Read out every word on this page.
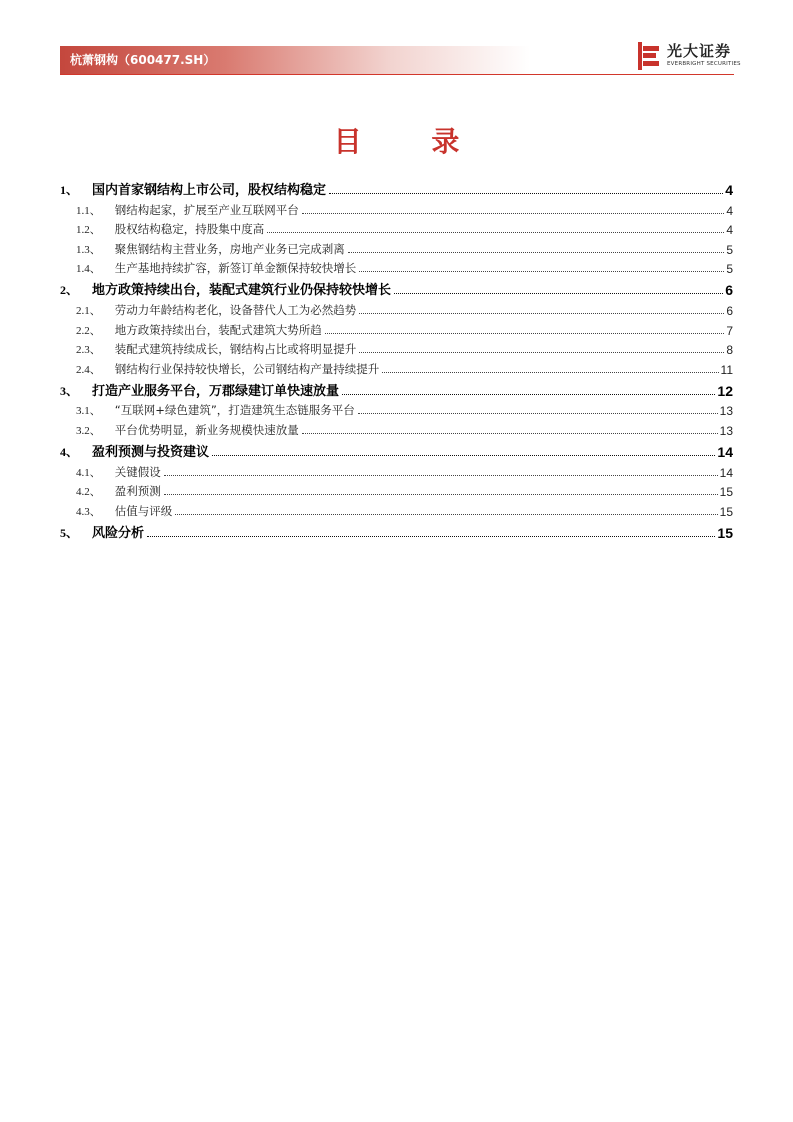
杭萧钢构（600477.SH）	光大证券
EVERBRIGHT SECURITIES
目 录
1、 国内首家钢结构上市公司，股权结构稳定	4
1.1、 钢结构起家，扩展至产业互联网平台	4
1.2、 股权结构稳定，持股集中度高	4
1.3、 聚焦钢结构主营业务，房地产业务已完成剥离	5
1.4、 生产基地持续扩容，新签订单金额保持较快增长	5
2、 地方政策持续出台，装配式建筑行业仍保持较快增长	6
2.1、 劳动力年龄结构老化，设备替代人工为必然趋势	6
2.2、 地方政策持续出台，装配式建筑大势所趋	7
2.3、 装配式建筑持续成长，钢结构占比或将明显提升	8
2.4、 钢结构行业保持较快增长，公司钢结构产量持续提升	11
3、 打造产业服务平台，万郡绿建订单快速放量	12
3.1、 “互联网+绿色建筑”，打造建筑生态链服务平台	13
3.2、 平台优势明显，新业务规模快速放量	13
4、 盈利预测与投资建议	14
4.1、 关键假设	14
4.2、 盈利预测	15
4.3、 估值与评级	15
5、 风险分析	15
